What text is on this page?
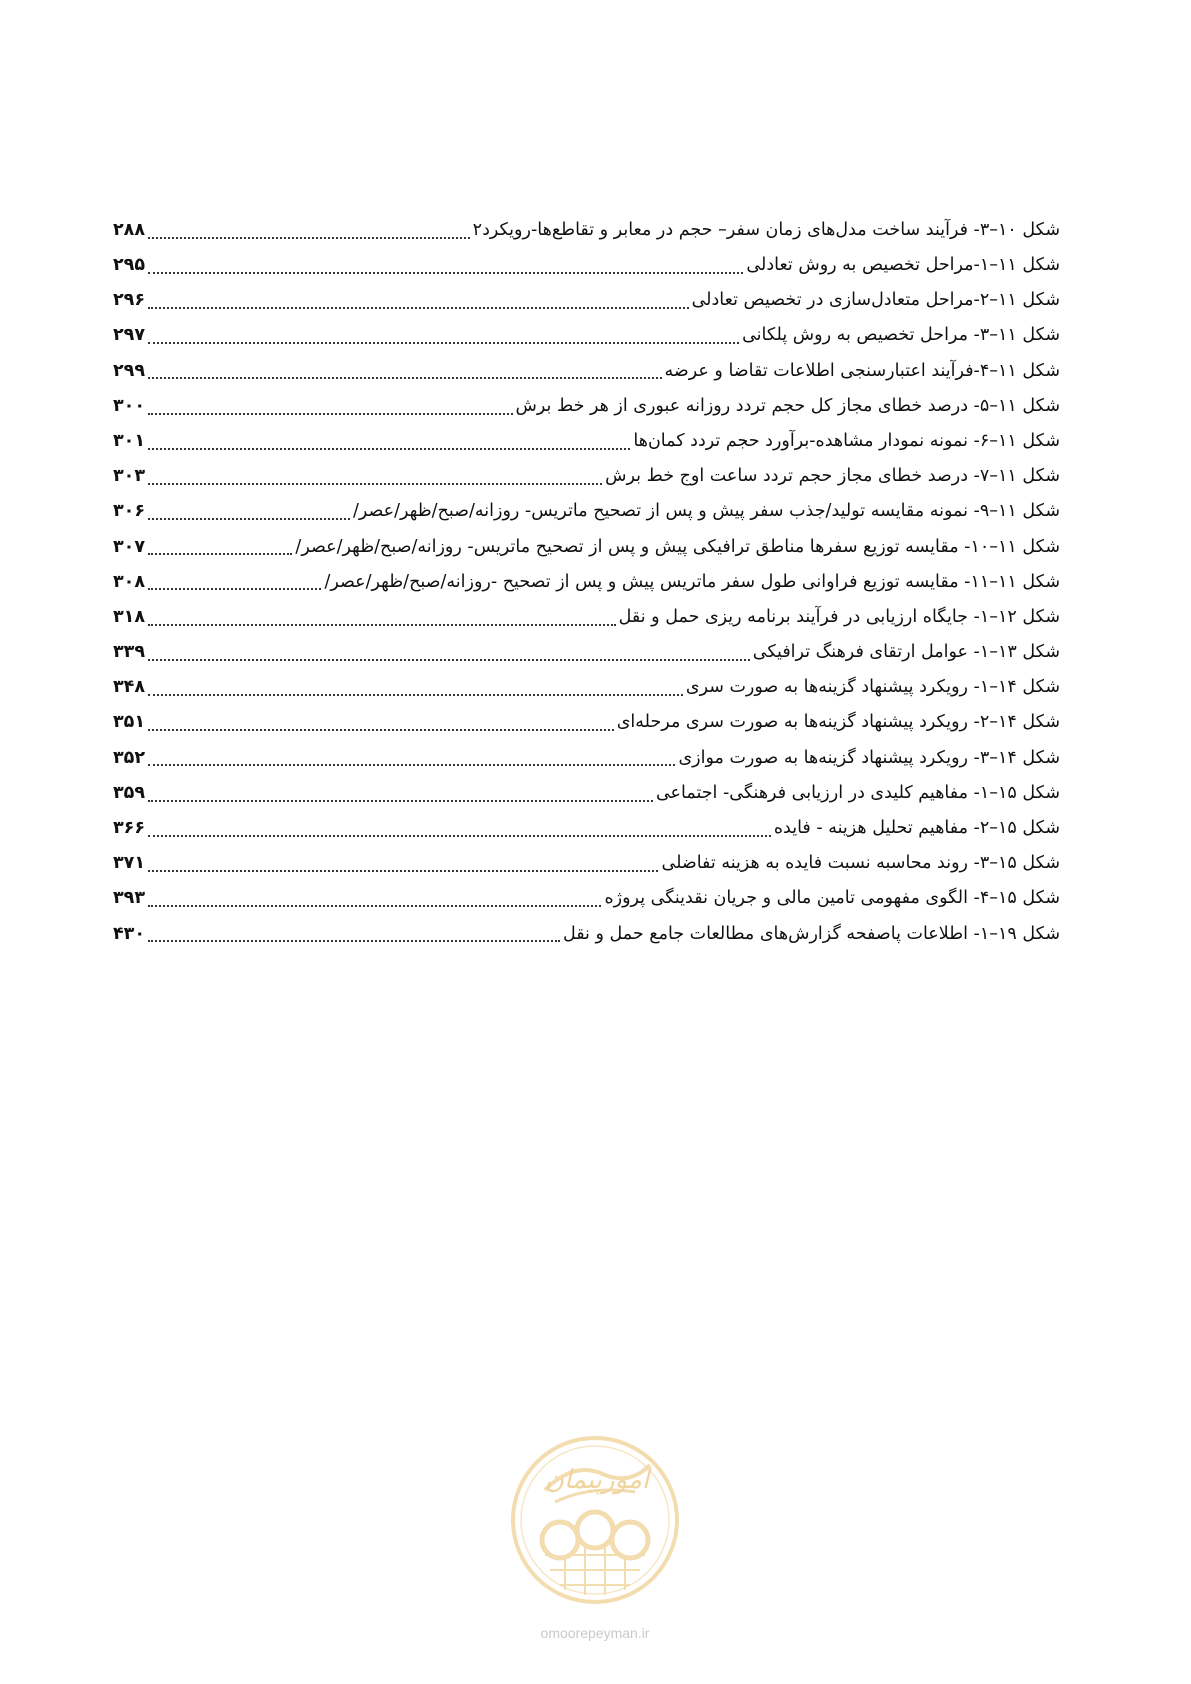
شکل ۱۰–۳- فرآیند ساخت مدل‌های زمان سفر– حجم در معابر و تقاطع‌ها-رویکرد۲
۲۸۸
شکل ۱۱–۱-مراحل تخصیص به روش تعادلی
۲۹۵
شکل ۱۱–۲-مراحل متعادل‌سازی در تخصیص تعادلی
۲۹۶
شکل ۱۱–۳- مراحل تخصیص به روش پلکانی
۲۹۷
شکل ۱۱–۴-فرآیند اعتبارسنجی اطلاعات تقاضا و عرضه
۲۹۹
شکل ۱۱–۵- درصد خطای مجاز کل حجم تردد روزانه عبوری از هر خط برش
۳۰۰
شکل ۱۱–۶- نمونه نمودار مشاهده-برآورد حجم تردد کمان‌ها
۳۰۱
شکل ۱۱–۷- درصد خطای مجاز حجم تردد ساعت اوج خط برش
۳۰۳
شکل ۱۱–۹- نمونه مقایسه تولید/جذب سفر پیش و پس از تصحیح ماتریس- روزانه/صبح/ظهر/عصر/
۳۰۶
شکل ۱۱–۱۰- مقایسه توزیع سفرها مناطق ترافیکی پیش و پس از تصحیح ماتریس- روزانه/صبح/ظهر/عصر/
۳۰۷
شکل ۱۱–۱۱- مقایسه توزیع فراوانی طول سفر ماتریس پیش و پس از تصحیح -روزانه/صبح/ظهر/عصر/
۳۰۸
شکل ۱۲–۱- جایگاه ارزیابی در فرآیند برنامه ریزی حمل و نقل
۳۱۸
شکل ۱۳–۱- عوامل ارتقای فرهنگ ترافیکی
۳۳۹
شکل ۱۴–۱- رویکرد پیشنهاد گزینه‌ها به صورت سری
۳۴۸
شکل ۱۴–۲- رویکرد پیشنهاد گزینه‌ها به صورت سری مرحله‌ای
۳۵۱
شکل ۱۴–۳- رویکرد پیشنهاد گزینه‌ها به صورت موازی
۳۵۲
شکل ۱۵–۱- مفاهیم کلیدی در ارزیابی فرهنگی- اجتماعی
۳۵۹
شکل ۱۵–۲- مفاهیم تحلیل هزینه - فایده
۳۶۶
شکل ۱۵–۳- روند محاسبه نسبت فایده به هزینه تفاضلی
۳۷۱
شکل ۱۵–۴- الگوی مفهومی تامین مالی و جریان نقدینگی پروژه
۳۹۳
شکل ۱۹–۱- اطلاعات پاصفحه گزارش‌های مطالعات جامع حمل و نقل
۴۳۰
امورپیمان
omoorepeyman.ir
